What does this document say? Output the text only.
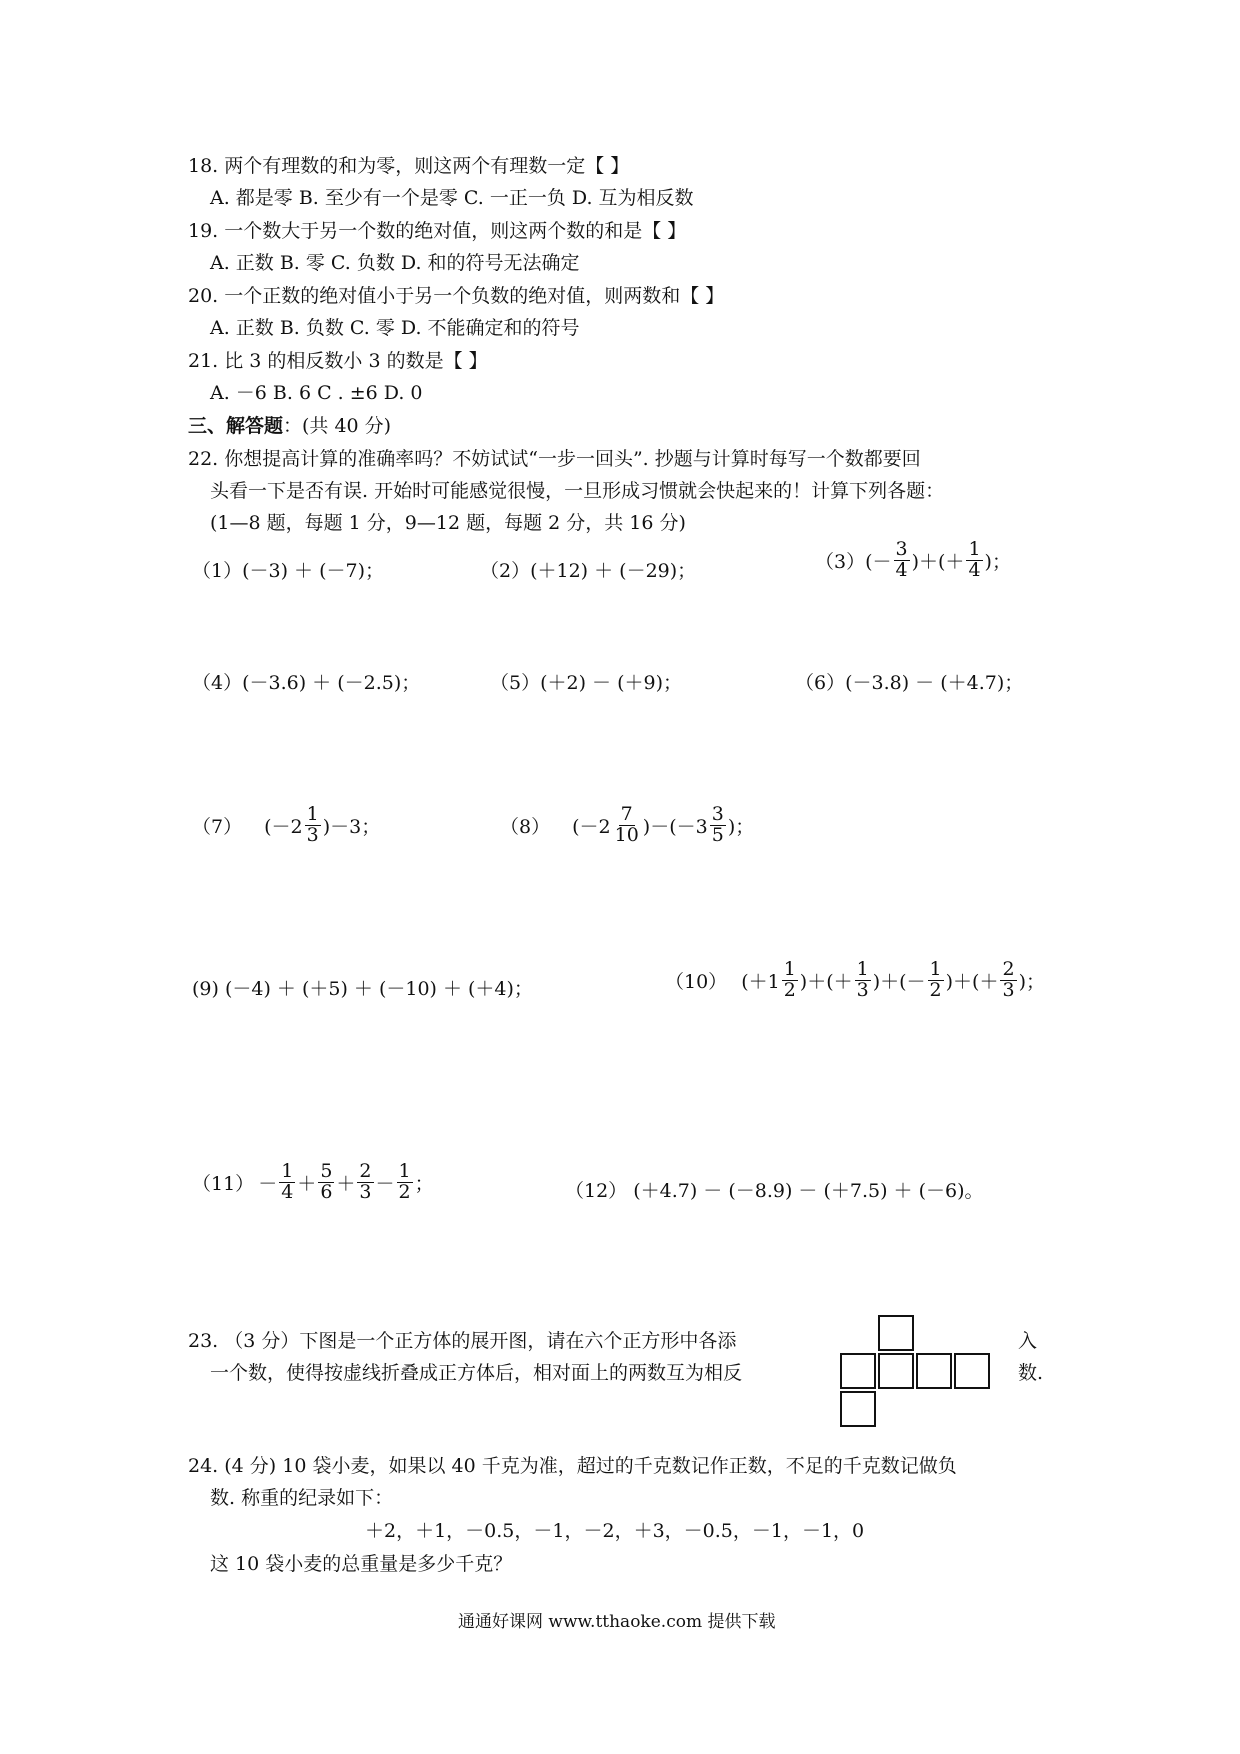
18. 两个有理数的和为零，则这两个有理数一定【 】
A. 都是零 B. 至少有一个是零 C. 一正一负 D. 互为相反数
19. 一个数大于另一个数的绝对值，则这两个数的和是【 】
A. 正数 B. 零 C. 负数 D. 和的符号无法确定
20. 一个正数的绝对值小于另一个负数的绝对值，则两数和【 】
A. 正数 B. 负数 C. 零 D. 不能确定和的符号
21. 比 3 的相反数小 3 的数是【 】
A. －6 B. 6 C . ±6 D. 0
三、解答题：(共 40 分)
22. 你想提高计算的准确率吗？不妨试试“一步一回头”. 抄题与计算时每写一个数都要回
头看一下是否有误. 开始时可能感觉很慢，一旦形成习惯就会快起来的！计算下列各题：
(1—8 题，每题 1 分，9—12 题，每题 2 分，共 16 分)
（1）(－3) ＋ (－7)；	（2）(＋12) ＋ (－29)；	（3） (－ $\frac{3}{4}$ )＋(＋ $\frac{1}{4}$ )；
（4）(－3.6) ＋ (－2.5)；	（5）(＋2) － (＋9)；	（6）(－3.8) － (＋4.7)；
（7） $(-2 \frac{1}{3} )-3$；	（8） $(-2 \frac{7}{10} )-(-3 \frac{3}{5}$ )；
(9) (－4) ＋ (＋5) ＋ (－10) ＋ (＋4)；	（10） ($+1 \frac{1}{2}$ )＋(＋ $\frac{1}{3}$ )＋(－ $\frac{1}{2}$ )＋(＋ $\frac{2}{3}$ )；
$(11) - \frac{1}{4} + \frac{5}{6} + \frac{2}{3} - \frac{1}{2}$ ；	（12） (＋4.7) － (－8.9) － (＋7.5) ＋ (－6)。
23. （3 分）下图是一个正方体的展开图，请在六个正方形中各添	入
一个数，使得按虚线折叠成正方体后，相对面上的两数互为相反	数.
24. (4 分) 10 袋小麦，如果以 40 千克为准，超过的千克数记作正数，不足的千克数记做负
数. 称重的纪录如下：
＋2，＋1，－0.5，－1，－2，＋3，－0.5，－1，－1，0
这 10 袋小麦的总重量是多少千克？
通通好课网 www.tthaoke.com 提供下载
